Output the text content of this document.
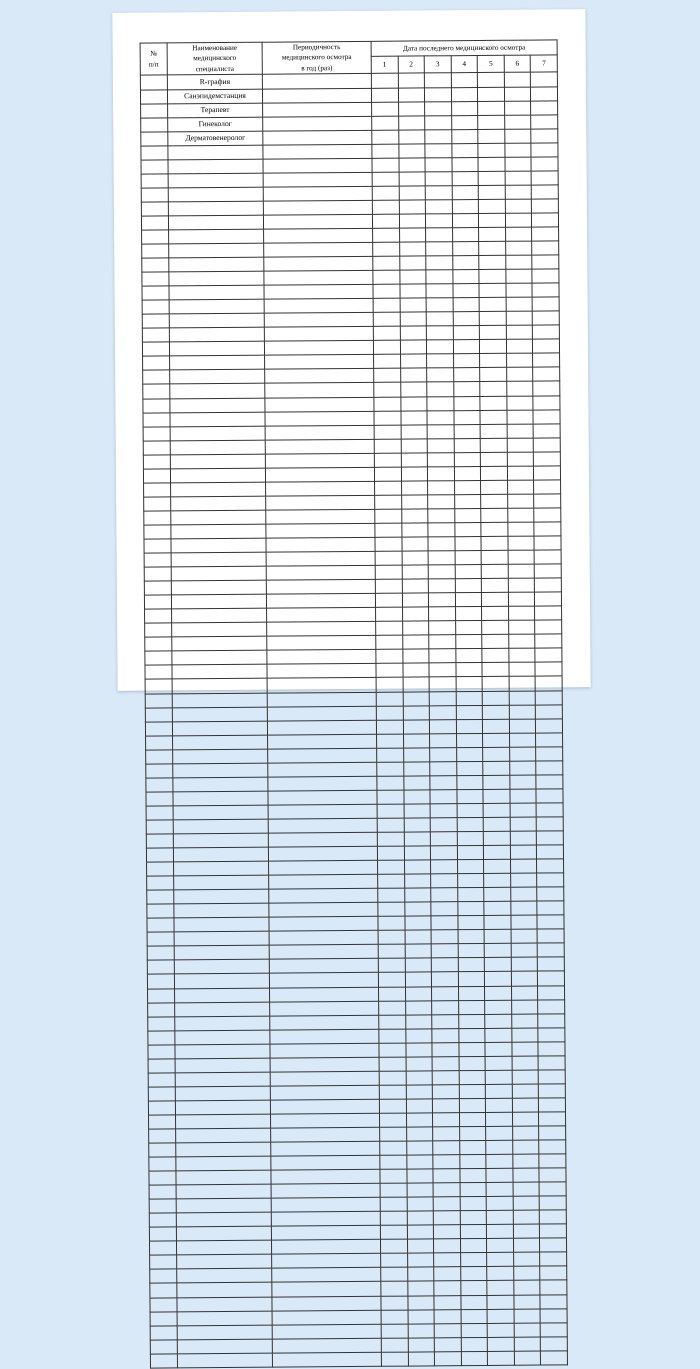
№
п/п	Наименование
медицинского
специалиста	Периодичность
медицинского осмотра
в год (раз)	Дата последнего медицинского осмотра						
			1	2	3	4	5	6	7
	R-графия								
	Санэпидемстанция								
	Терапевт								
	Гинеколог								
	Дерматовенеролог								
